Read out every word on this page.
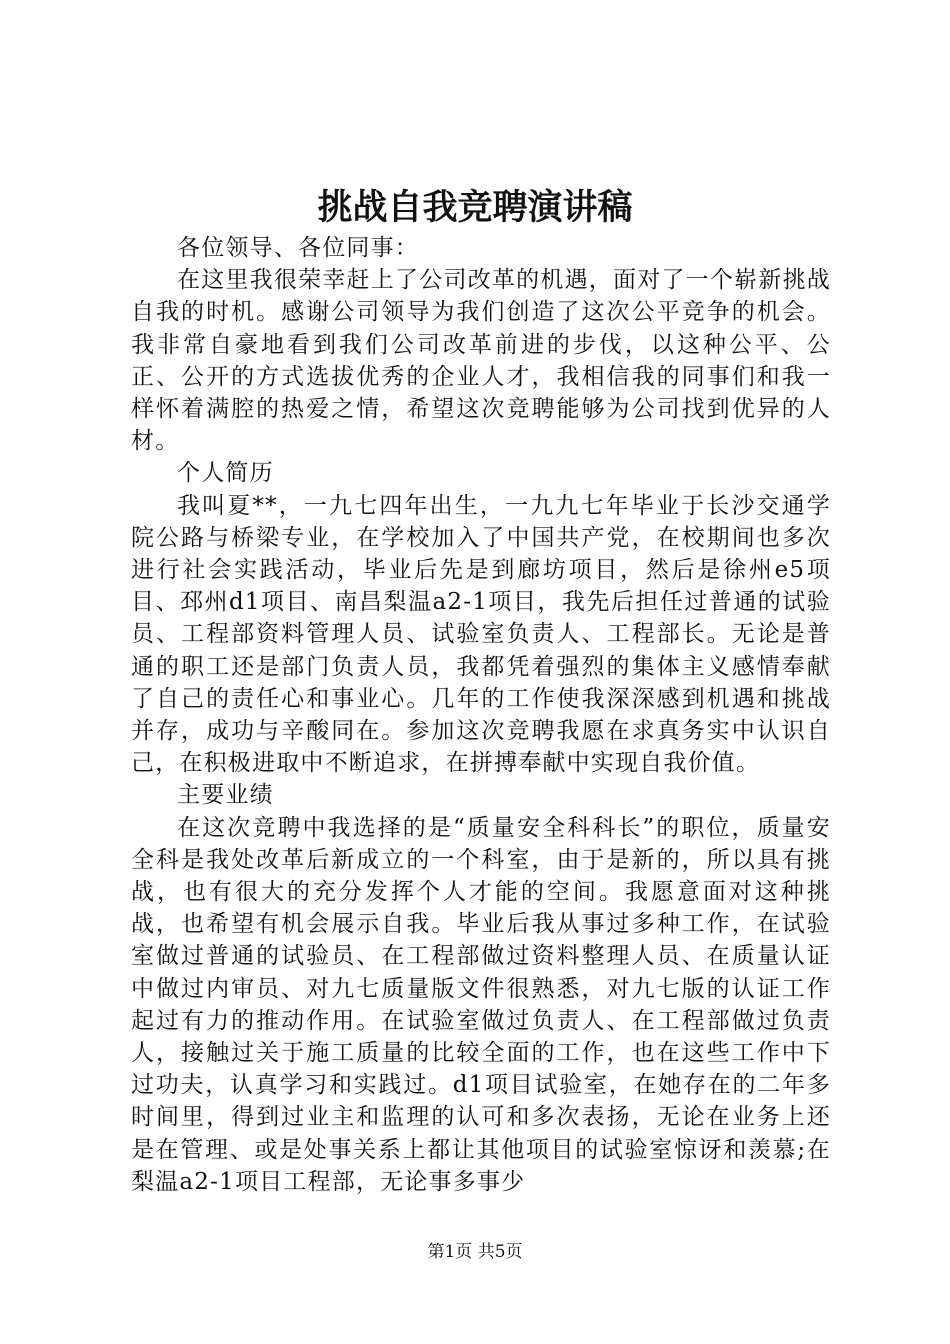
挑战自我竞聘演讲稿

各位领导、各位同事：

在这里我很荣幸赶上了公司改革的机遇，面对了一个崭新挑战自我的时机。感谢公司领导为我们创造了这次公平竞争的机会。我非常自豪地看到我们公司改革前进的步伐，以这种公平、公正、公开的方式选拔优秀的企业人才，我相信我的同事们和我一样怀着满腔的热爱之情，希望这次竞聘能够为公司找到优异的人材。

个人简历

我叫夏**，一九七四年出生，一九九七年毕业于长沙交通学院公路与桥梁专业，在学校加入了中国共产党，在校期间也多次进行社会实践活动，毕业后先是到廊坊项目，然后是徐州e5项目、邳州d1项目、南昌梨温a2-1项目，我先后担任过普通的试验员、工程部资料管理人员、试验室负责人、工程部长。无论是普通的职工还是部门负责人员，我都凭着强烈的集体主义感情奉献了自己的责任心和事业心。几年的工作使我深深感到机遇和挑战并存，成功与辛酸同在。参加这次竞聘我愿在求真务实中认识自己，在积极进取中不断追求，在拼搏奉献中实现自我价值。

主要业绩

在这次竞聘中我选择的是“质量安全科科长”的职位，质量安全科是我处改革后新成立的一个科室，由于是新的，所以具有挑战，也有很大的充分发挥个人才能的空间。我愿意面对这种挑战，也希望有机会展示自我。毕业后我从事过多种工作，在试验室做过普通的试验员、在工程部做过资料整理人员、在质量认证中做过内审员、对九七质量版文件很熟悉，对九七版的认证工作起过有力的推动作用。在试验室做过负责人、在工程部做过负责人，接触过关于施工质量的比较全面的工作，也在这些工作中下过功夫，认真学习和实践过。d1项目试验室，在她存在的二年多时间里，得到过业主和监理的认可和多次表扬，无论在业务上还是在管理、或是处事关系上都让其他项目的试验室惊讶和羡慕;在梨温a2-1项目工程部，无论事多事少

第1页 共5页
